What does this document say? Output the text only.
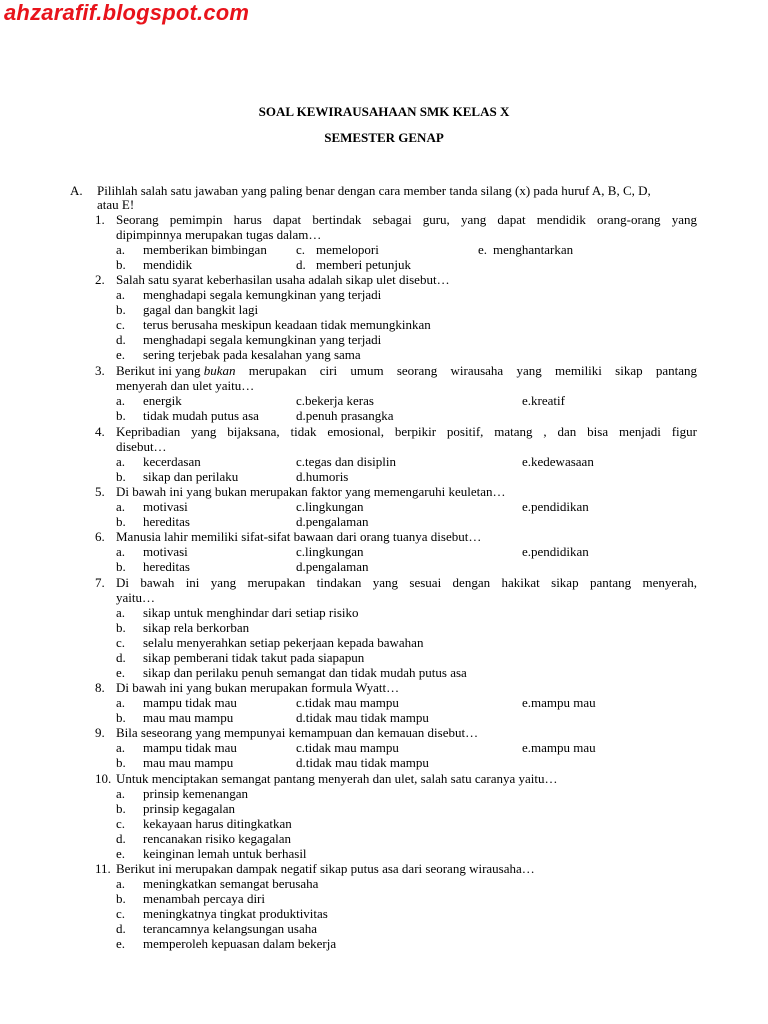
ahzarafif.blogspot.com
SOAL KEWIRAUSAHAAN SMK KELAS X
SEMESTER GENAP
A. Pilihlah salah satu jawaban yang paling benar dengan cara member tanda silang (x) pada huruf A, B, C, D,
atau E!
1. Seorang pemimpin harus dapat bertindak sebagai guru, yang dapat mendidik orang-orang yang
dipimpinnya merupakan tugas dalam…
a. memberikan bimbingan c. memelopori	e. menghantarkan
b. mendidik	d. memberi petunjuk
2. Salah satu syarat keberhasilan usaha adalah sikap ulet disebut…
a. menghadapi segala kemungkinan yang terjadi
b. gagal dan bangkit lagi
c. terus berusaha meskipun keadaan tidak memungkinkan
d. menghadapi segala kemungkinan yang terjadi
e. sering terjebak pada kesalahan yang sama
3. Berikut ini yang bukan merupakan ciri umum seorang wirausaha yang memiliki sikap pantang
menyerah dan ulet yaitu…
a. energik	c.bekerja keras	e.kreatif
b. tidak mudah putus asa	d.penuh prasangka
4. Kepribadian yang bijaksana, tidak emosional, berpikir positif, matang , dan bisa menjadi figur
disebut…
a. kecerdasan	c.tegas dan disiplin	e.kedewasaan
b. sikap dan perilaku	d.humoris
5. Di bawah ini yang bukan merupakan faktor yang memengaruhi keuletan…
a. motivasi	c.lingkungan	e.pendidikan
b. hereditas	d.pengalaman
6. Manusia lahir memiliki sifat-sifat bawaan dari orang tuanya disebut…
a. motivasi	c.lingkungan	e.pendidikan
b. hereditas	d.pengalaman
7. Di bawah ini yang merupakan tindakan yang sesuai dengan hakikat sikap pantang menyerah,
yaitu…
a. sikap untuk menghindar dari setiap risiko
b. sikap rela berkorban
c. selalu menyerahkan setiap pekerjaan kepada bawahan
d. sikap pemberani tidak takut pada siapapun
e. sikap dan perilaku penuh semangat dan tidak mudah putus asa
8. Di bawah ini yang bukan merupakan formula Wyatt…
a. mampu tidak mau	c.tidak mau mampu	e.mampu mau
b. mau mau mampu	d.tidak mau tidak mampu
9. Bila seseorang yang mempunyai kemampuan dan kemauan disebut…
a. mampu tidak mau	c.tidak mau mampu	e.mampu mau
b. mau mau mampu	d.tidak mau tidak mampu
10. Untuk menciptakan semangat pantang menyerah dan ulet, salah satu caranya yaitu…
a. prinsip kemenangan
b. prinsip kegagalan
c. kekayaan harus ditingkatkan
d. rencanakan risiko kegagalan
e. keinginan lemah untuk berhasil
11. Berikut ini merupakan dampak negatif sikap putus asa dari seorang wirausaha…
a. meningkatkan semangat berusaha
b. menambah percaya diri
c. meningkatnya tingkat produktivitas
d. terancamnya kelangsungan usaha
e. memperoleh kepuasan dalam bekerja
